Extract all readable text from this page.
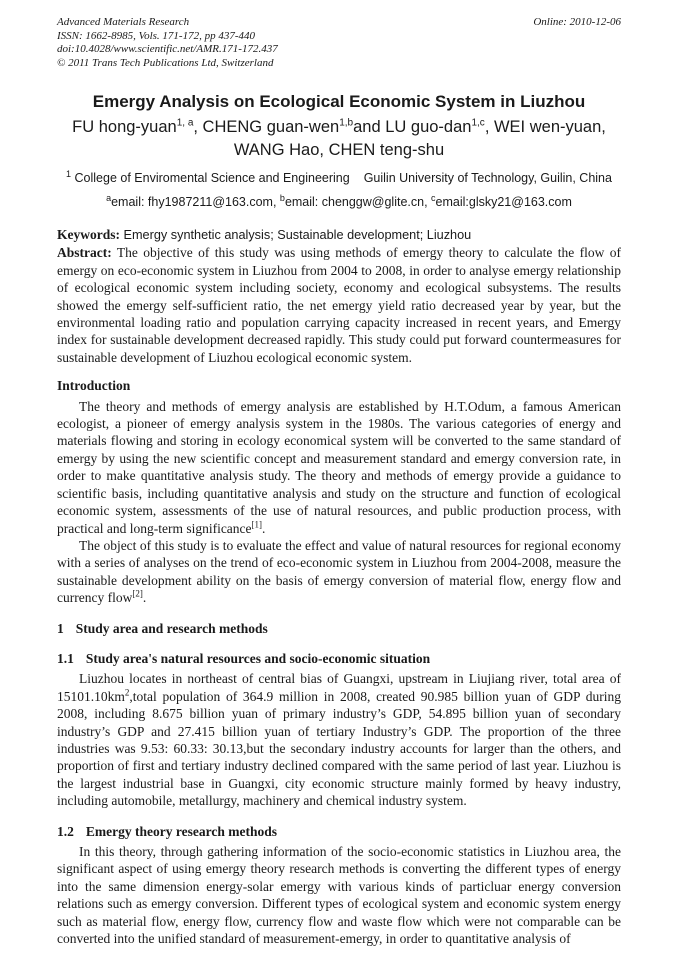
Advanced Materials Research
ISSN: 1662-8985, Vols. 171-172, pp 437-440
doi:10.4028/www.scientific.net/AMR.171-172.437
© 2011 Trans Tech Publications Ltd, Switzerland
Online: 2010-12-06
Emergy Analysis on Ecological Economic System in Liuzhou
FU hong-yuan$^{1, a}$, CHENG guan-wen$^{1,b}$and LU guo-dan$^{1,c}$, WEI wen-yuan,
WANG Hao, CHEN teng-shu
$^1$ College of Enviromental Science and Engineering Guilin University of Technology, Guilin, China
$^a$email: fhy1987211@163.com, $^b$email: chenggw@glite.cn, $^c$email:glsky21@163.com

Keywords: Emergy synthetic analysis; Sustainable development; Liuzhou

Abstract: The objective of this study was using methods of emergy theory to calculate the flow of emergy on eco-economic system in Liuzhou from 2004 to 2008, in order to analyse emergy relationship of ecological economic system including society, economy and ecological subsystems. The results showed the emergy self-sufficient ratio, the net emergy yield ratio decreased year by year, but the environmental loading ratio and population carrying capacity increased in recent years, and Emergy index for sustainable development decreased rapidly. This study could put forward countermeasures for sustainable development of Liuzhou ecological economic system.

Introduction

The theory and methods of emergy analysis are established by H.T.Odum, a famous American ecologist, a pioneer of emergy analysis system in the 1980s. The various categories of energy and materials flowing and storing in ecology economical system will be converted to the same standard of emergy by using the new scientific concept and measurement standard and emergy conversion rate, in order to make quantitative analysis study. The theory and methods of emergy provide a guidance to scientific basis, including quantitative analysis and study on the structure and function of ecological economic system, assessments of the use of natural resources, and public production process, with practical and long-term significance[1].

The object of this study is to evaluate the effect and value of natural resources for regional economy with a series of analyses on the trend of eco-economic system in Liuzhou from 2004-2008, measure the sustainable development ability on the basis of emergy conversion of material flow, energy flow and currency flow[2].

1 Study area and research methods
1.1 Study area's natural resources and socio-economic situation

Liuzhou locates in northeast of central bias of Guangxi, upstream in Liujiang river, total area of $15101.10km^2,total$ population of 364.9 million in 2008, created 90.985 billion yuan of GDP during 2008, including 8.675 billion yuan of primary industry’s GDP, 54.895 billion yuan of secondary industry’s GDP and 27.415 billion yuan of tertiary Industry’s GDP. The proportion of the three industries was 9.53: 60.33: 30.13,but the secondary industry accounts for larger than the others, and proportion of first and tertiary industry declined compared with the same period of last year. Liuzhou is the largest industrial base in Guangxi, city economic structure mainly formed by heavy industry, including automobile, metallurgy, machinery and chemical industry system.

1.2 Emergy theory research methods

In this theory, through gathering information of the socio-economic statistics in Liuzhou area, the significant aspect of using emergy theory research methods is converting the different types of energy into the same dimension energy-solar emergy with various kinds of particluar energy conversion relations such as emergy conversion. Different types of ecological system and economic system energy such as material flow, energy flow, currency flow and waste flow which were not comparable can be converted into the unified standard of measurement-emergy, in order to quantitative analysis of
